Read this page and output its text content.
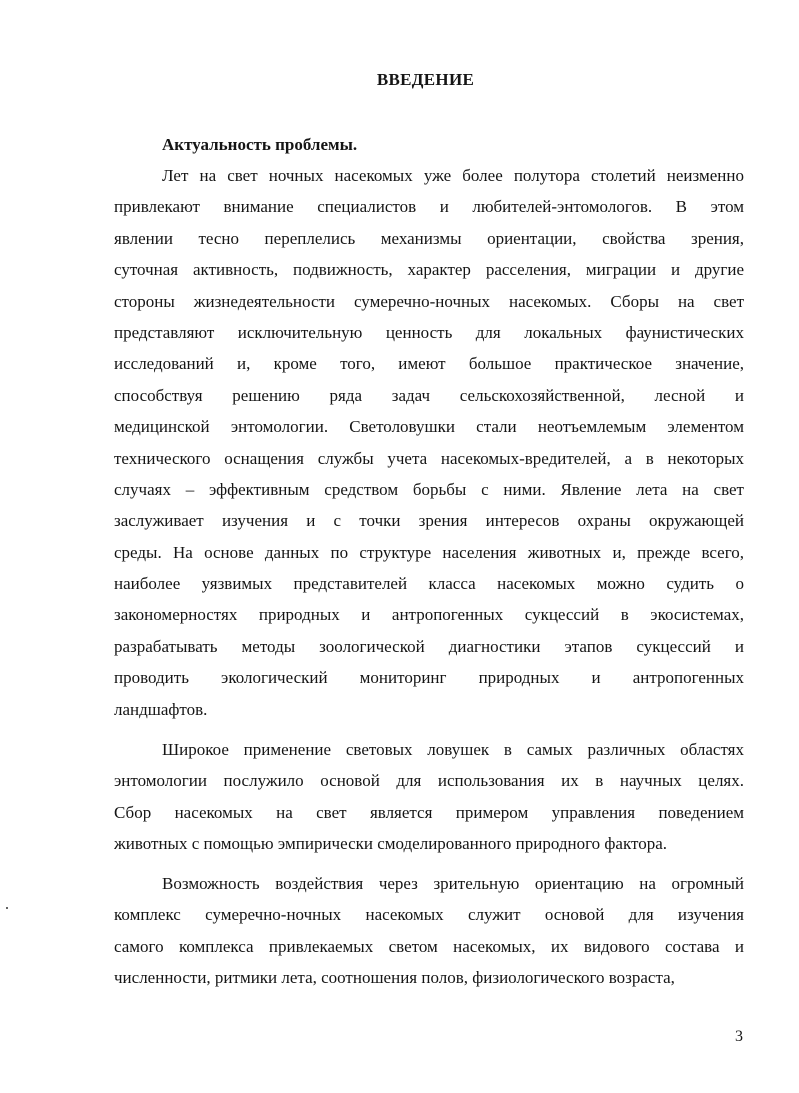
ВВЕДЕНИЕ
Актуальность проблемы.
Лет на свет ночных насекомых уже более полутора столетий неизменно
привлекают внимание специалистов и любителей-энтомологов. В этом
явлении тесно переплелись механизмы ориентации, свойства зрения,
суточная активность, подвижность, характер расселения, миграции и другие
стороны жизнедеятельности сумеречно-ночных насекомых. Сборы на свет
представляют исключительную ценность для локальных фаунистических
исследований и, кроме того, имеют большое практическое значение,
способствуя решению ряда задач сельскохозяйственной, лесной и
медицинской энтомологии. Светоловушки стали неотъемлемым элементом
технического оснащения службы учета насекомых-вредителей, а в некоторых
случаях – эффективным средством борьбы с ними. Явление лета на свет
заслуживает изучения и с точки зрения интересов охраны окружающей
среды. На основе данных по структуре населения животных и, прежде всего,
наиболее уязвимых представителей класса насекомых можно судить о
закономерностях природных и антропогенных сукцессий в экосистемах,
разрабатывать методы зоологической диагностики этапов сукцессий и
проводить экологический мониторинг природных и антропогенных
ландшафтов.
Широкое применение световых ловушек в самых различных областях
энтомологии послужило основой для использования их в научных целях.
Сбор насекомых на свет является примером управления поведением
животных с помощью эмпирически смоделированного природного фактора.
Возможность воздействия через зрительную ориентацию на огромный
комплекс сумеречно-ночных насекомых служит основой для изучения
самого комплекса привлекаемых светом насекомых, их видового состава и
численности, ритмики лета, соотношения полов, физиологического возраста,
3
